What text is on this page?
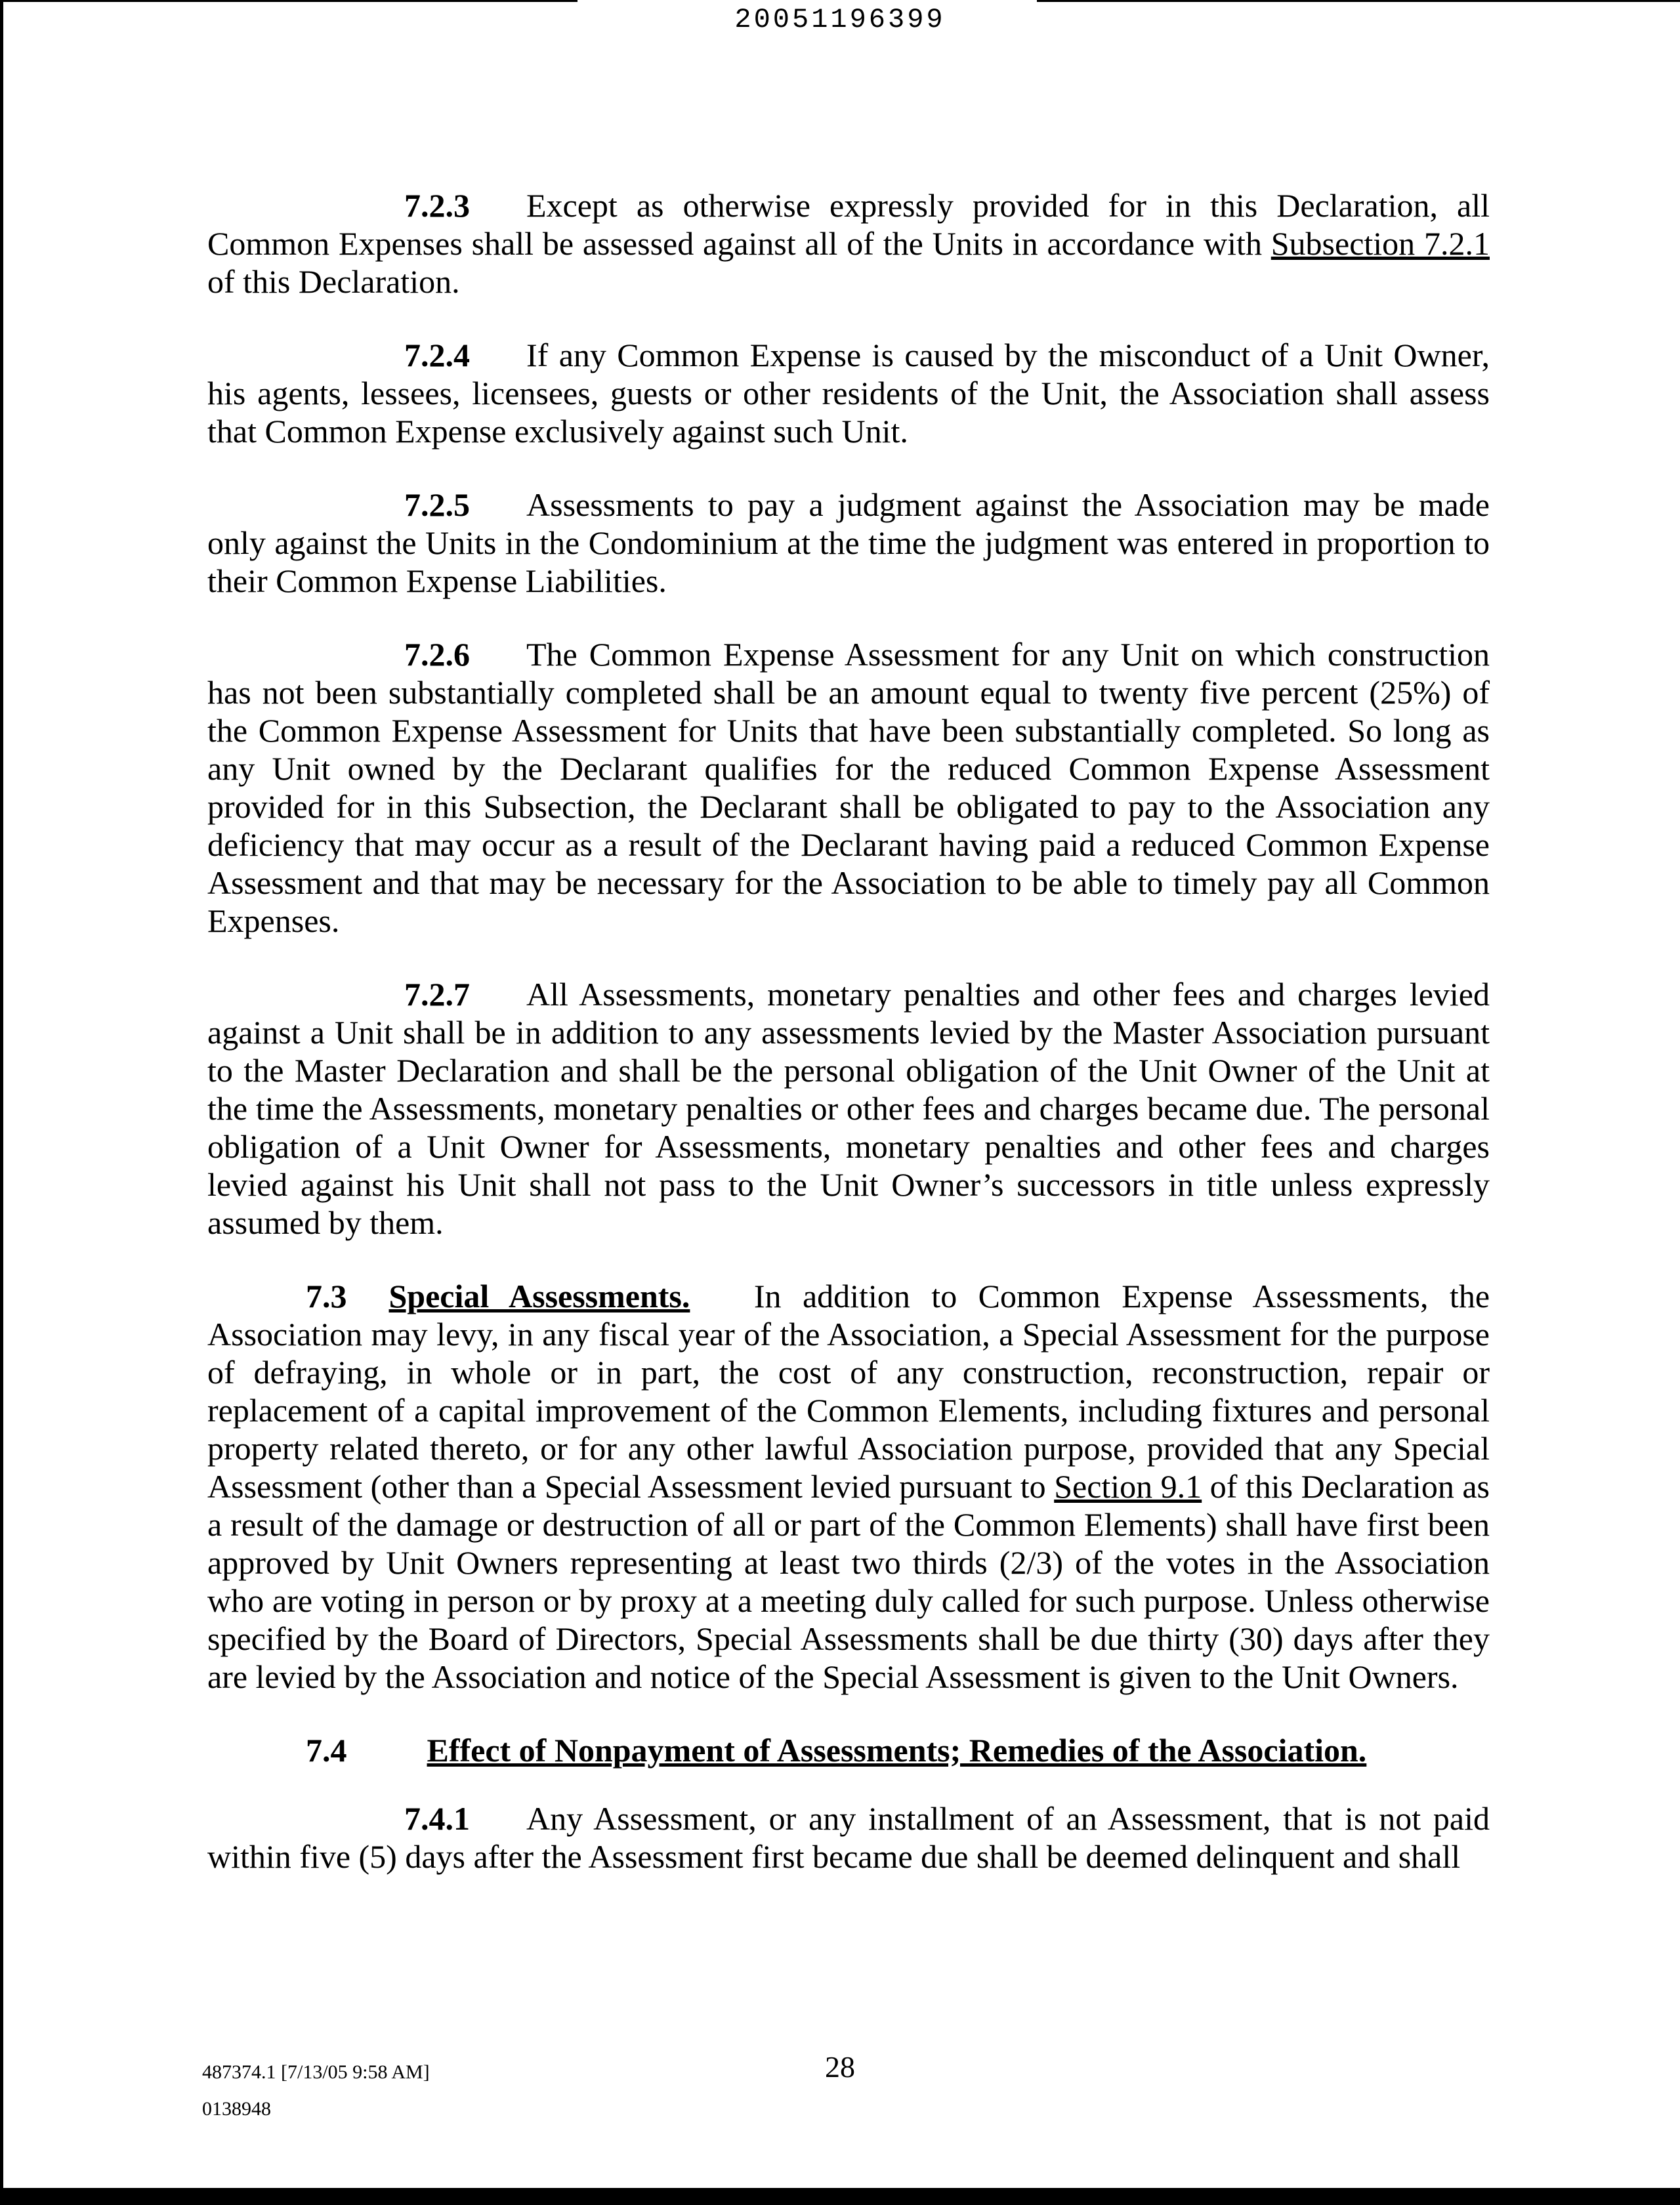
20051196399

7.2.3 Except as otherwise expressly provided for in this Declaration, all Common Expenses shall be assessed against all of the Units in accordance with Subsection 7.2.1 of this Declaration.

7.2.4 If any Common Expense is caused by the misconduct of a Unit Owner, his agents, lessees, licensees, guests or other residents of the Unit, the Association shall assess that Common Expense exclusively against such Unit.

7.2.5 Assessments to pay a judgment against the Association may be made only against the Units in the Condominium at the time the judgment was entered in proportion to their Common Expense Liabilities.

7.2.6 The Common Expense Assessment for any Unit on which construction has not been substantially completed shall be an amount equal to twenty five percent (25%) of the Common Expense Assessment for Units that have been substantially completed. So long as any Unit owned by the Declarant qualifies for the reduced Common Expense Assessment provided for in this Subsection, the Declarant shall be obligated to pay to the Association any deficiency that may occur as a result of the Declarant having paid a reduced Common Expense Assessment and that may be necessary for the Association to be able to timely pay all Common Expenses.

7.2.7 All Assessments, monetary penalties and other fees and charges levied against a Unit shall be in addition to any assessments levied by the Master Association pursuant to the Master Declaration and shall be the personal obligation of the Unit Owner of the Unit at the time the Assessments, monetary penalties or other fees and charges became due. The personal obligation of a Unit Owner for Assessments, monetary penalties and other fees and charges levied against his Unit shall not pass to the Unit Owner’s successors in title unless expressly assumed by them.

7.3 Special Assessments. In addition to Common Expense Assessments, the Association may levy, in any fiscal year of the Association, a Special Assessment for the purpose of defraying, in whole or in part, the cost of any construction, reconstruction, repair or replacement of a capital improvement of the Common Elements, including fixtures and personal property related thereto, or for any other lawful Association purpose, provided that any Special Assessment (other than a Special Assessment levied pursuant to Section 9.1 of this Declaration as a result of the damage or destruction of all or part of the Common Elements) shall have first been approved by Unit Owners representing at least two thirds (2/3) of the votes in the Association who are voting in person or by proxy at a meeting duly called for such purpose. Unless otherwise specified by the Board of Directors, Special Assessments shall be due thirty (30) days after they are levied by the Association and notice of the Special Assessment is given to the Unit Owners.

7.4 Effect of Nonpayment of Assessments; Remedies of the Association.

7.4.1 Any Assessment, or any installment of an Assessment, that is not paid within five (5) days after the Assessment first became due shall be deemed delinquent and shall

487374.1 [7/13/05 9:58 AM]
0138948
28
